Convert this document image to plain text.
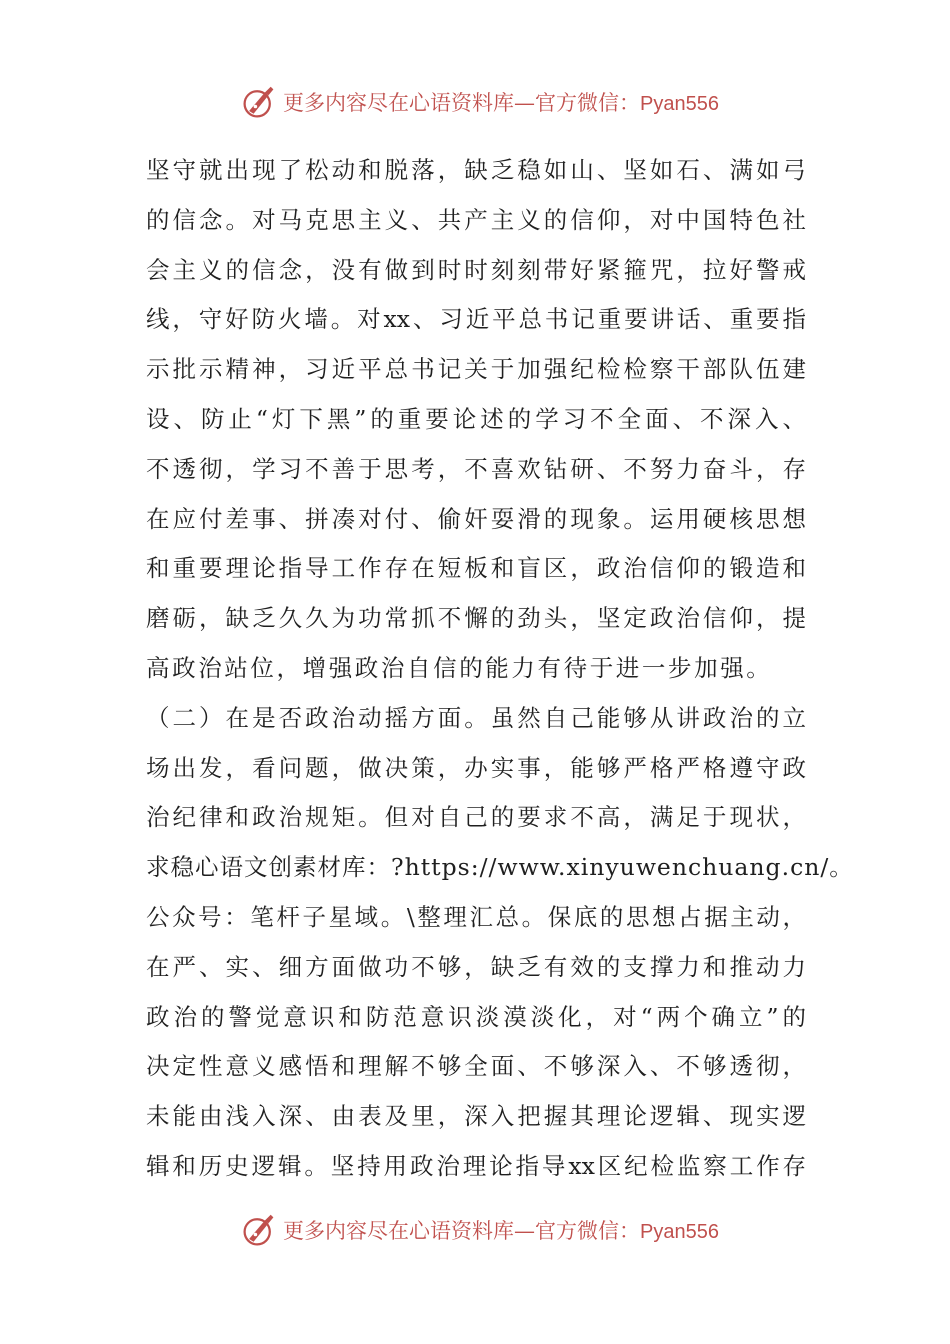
更多内容尽在心语资料库—官方微信：Pyan556
坚守就出现了松动和脱落，缺乏稳如山、坚如石、满如弓
的信念。对马克思主义、共产主义的信仰，对中国特色社
会主义的信念，没有做到时时刻刻带好紧箍咒，拉好警戒
线，守好防火墙。对xx、习近平总书记重要讲话、重要指
示批示精神，习近平总书记关于加强纪检检察干部队伍建
设、防止“灯下黑”的重要论述的学习不全面、不深入、
不透彻，学习不善于思考，不喜欢钻研、不努力奋斗，存
在应付差事、拼凑对付、偷奸耍滑的现象。运用硬核思想
和重要理论指导工作存在短板和盲区，政治信仰的锻造和
磨砺，缺乏久久为功常抓不懈的劲头，坚定政治信仰，提
高政治站位，增强政治自信的能力有待于进一步加强。
（二）在是否政治动摇方面。虽然自己能够从讲政治的立
场出发，看问题，做决策，办实事，能够严格严格遵守政
治纪律和政治规矩。但对自己的要求不高，满足于现状，
求稳心语文创素材库：?https://www.xinyuwenchuang.cn/。
公众号：笔杆子星域。\整理汇总。保底的思想占据主动，
在严、实、细方面做功不够，缺乏有效的支撑力和推动力
政治的警觉意识和防范意识淡漠淡化，对“两个确立”的
决定性意义感悟和理解不够全面、不够深入、不够透彻，
未能由浅入深、由表及里，深入把握其理论逻辑、现实逻
辑和历史逻辑。坚持用政治理论指导xx区纪检监察工作存
更多内容尽在心语资料库—官方微信：Pyan556
